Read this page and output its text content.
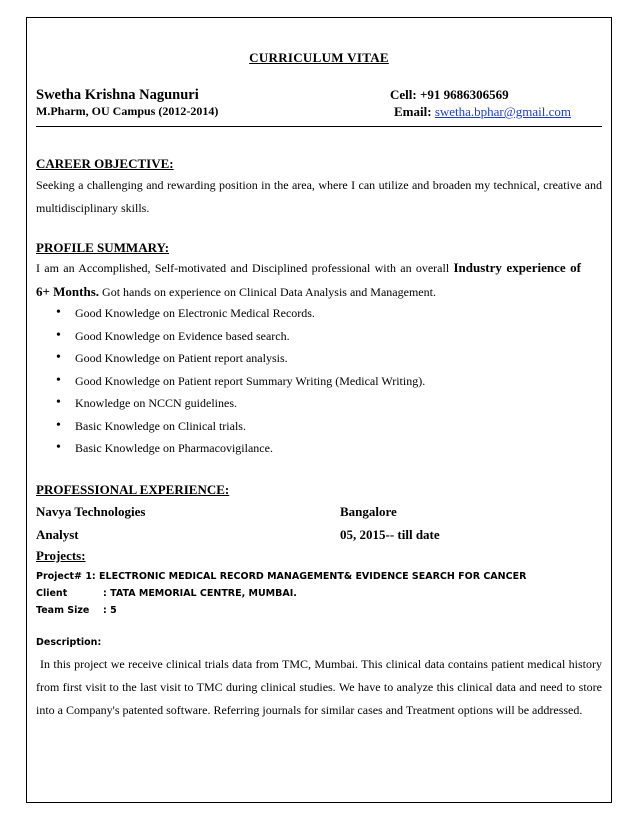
CURRICULUM VITAE
Swetha Krishna Nagunuri	Cell: +91 9686306569
M.Pharm, OU Campus (2012-2014)	Email: swetha.bphar@gmail.com
CAREER OBJECTIVE:
Seeking a challenging and rewarding position in the area, where I can utilize and broaden my technical, creative and multidisciplinary skills.
PROFILE SUMMARY:
I am an Accomplished, Self-motivated and Disciplined professional with an overall Industry experience of 6+ Months. Got hands on experience on Clinical Data Analysis and Management.
• Good Knowledge on Electronic Medical Records.
• Good Knowledge on Evidence based search.
• Good Knowledge on Patient report analysis.
• Good Knowledge on Patient report Summary Writing (Medical Writing).
• Knowledge on NCCN guidelines.
• Basic Knowledge on Clinical trials.
• Basic Knowledge on Pharmacovigilance.
PROFESSIONAL EXPERIENCE:
Navya Technologies	Bangalore
Analyst	05, 2015-- till date
Projects:
Project# 1: ELECTRONIC MEDICAL RECORD MANAGEMENT& EVIDENCE SEARCH FOR CANCER
Client	: TATA MEMORIAL CENTRE, MUMBAI.
Team Size : 5
Description:
In this project we receive clinical trials data from TMC, Mumbai. This clinical data contains patient medical history from first visit to the last visit to TMC during clinical studies. We have to analyze this clinical data and need to store into a Company's patented software. Referring journals for similar cases and Treatment options will be addressed.
